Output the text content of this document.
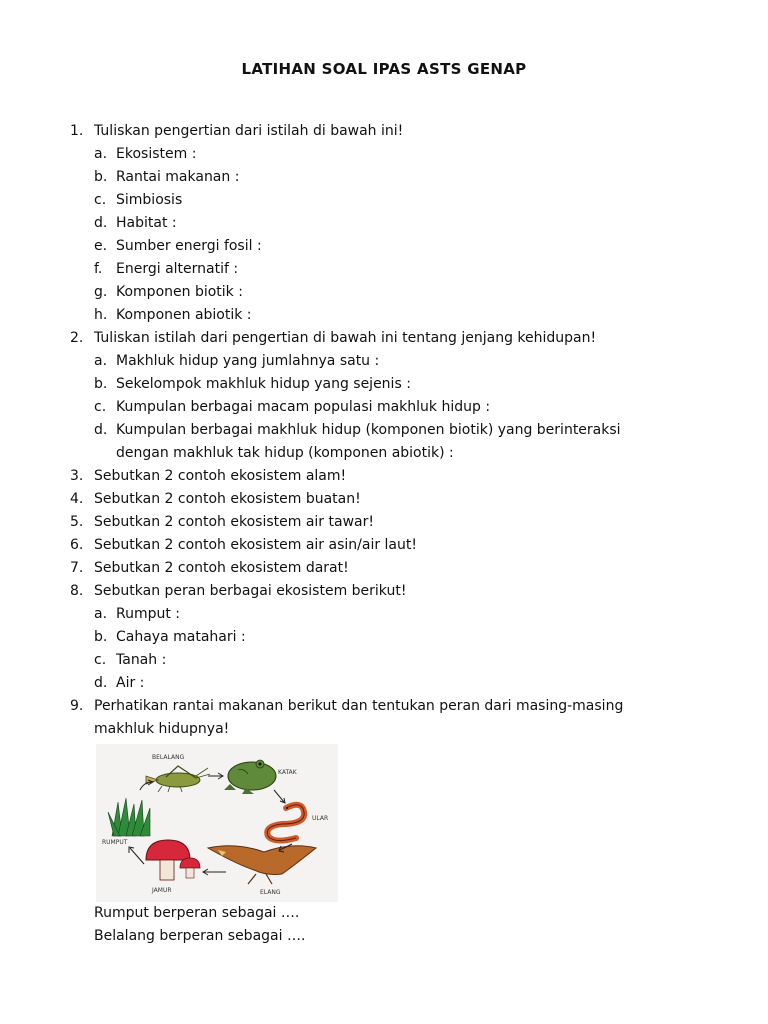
LATIHAN SOAL IPAS ASTS GENAP
1. Tuliskan pengertian dari istilah di bawah ini!
a. Ekosistem :
b. Rantai makanan :
c. Simbiosis
d. Habitat :
e. Sumber energi fosil :
f. Energi alternatif :
g. Komponen biotik :
h. Komponen abiotik :
2. Tuliskan istilah dari pengertian di bawah ini tentang jenjang kehidupan!
a. Makhluk hidup yang jumlahnya satu :
b. Sekelompok makhluk hidup yang sejenis :
c. Kumpulan berbagai macam populasi makhluk hidup :
d. Kumpulan berbagai makhluk hidup (komponen biotik) yang berinteraksi
dengan makhluk tak hidup (komponen abiotik) :
3. Sebutkan 2 contoh ekosistem alam!
4. Sebutkan 2 contoh ekosistem buatan!
5. Sebutkan 2 contoh ekosistem air tawar!
6. Sebutkan 2 contoh ekosistem air asin/air laut!
7. Sebutkan 2 contoh ekosistem darat!
8. Sebutkan peran berbagai ekosistem berikut!
a. Rumput :
b. Cahaya matahari :
c. Tanah :
d. Air :
9. Perhatikan rantai makanan berikut dan tentukan peran dari masing-masing
makhluk hidupnya!
BELALANG
KATAK
ULAR
ELANG
JAMUR
RUMPUT
Rumput berperan sebagai ….
Belalang berperan sebagai ….
